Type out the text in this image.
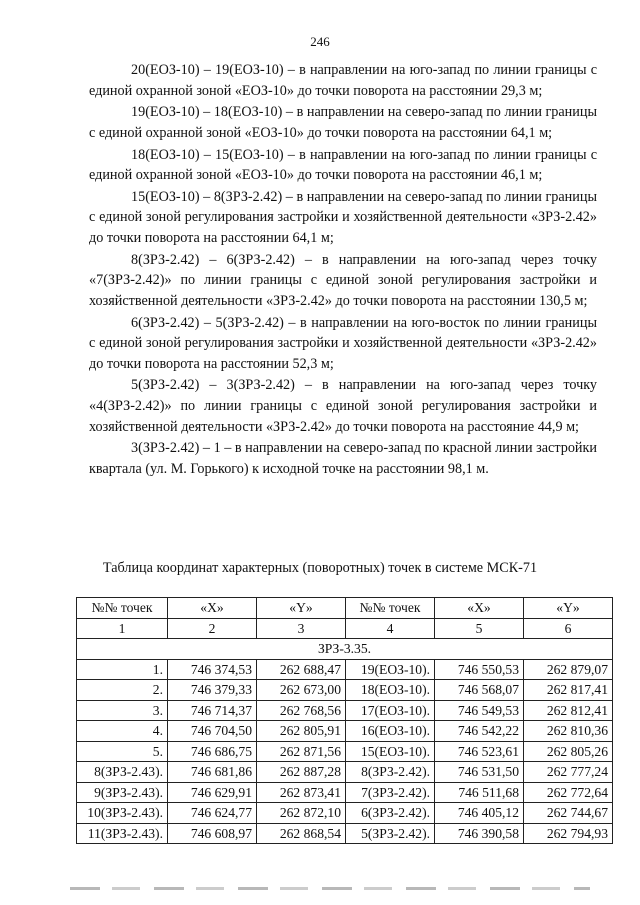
246

20(ЕОЗ-10) – 19(ЕОЗ-10) – в направлении на юго-запад по линии границы с единой охранной зоной «ЕОЗ-10» до точки поворота на расстоянии 29,3 м;

19(ЕОЗ-10) – 18(ЕОЗ-10) – в направлении на северо-запад по линии границы с единой охранной зоной «ЕОЗ-10» до точки поворота на расстоянии 64,1 м;

18(ЕОЗ-10) – 15(ЕОЗ-10) – в направлении на юго-запад по линии границы с единой охранной зоной «ЕОЗ-10» до точки поворота на расстоянии 46,1 м;

15(ЕОЗ-10) – 8(ЗРЗ-2.42) – в направлении на северо-запад по линии границы с единой зоной регулирования застройки и хозяйственной деятельности «ЗРЗ-2.42» до точки поворота на расстоянии 64,1 м;

8(ЗРЗ-2.42) – 6(ЗРЗ-2.42) – в направлении на юго-запад через точку «7(ЗРЗ-2.42)» по линии границы с единой зоной регулирования застройки и хозяйственной деятельности «ЗРЗ-2.42» до точки поворота на расстоянии 130,5 м;

6(ЗРЗ-2.42) – 5(ЗРЗ-2.42) – в направлении на юго-восток по линии границы с единой зоной регулирования застройки и хозяйственной деятельности «ЗРЗ-2.42» до точки поворота на расстоянии 52,3 м;

5(ЗРЗ-2.42) – 3(ЗРЗ-2.42) – в направлении на юго-запад через точку «4(ЗРЗ-2.42)» по линии границы с единой зоной регулирования застройки и хозяйственной деятельности «ЗРЗ-2.42» до точки поворота на расстояние 44,9 м;

3(ЗРЗ-2.42) – 1 – в направлении на северо-запад по красной линии застройки квартала (ул. М. Горького) к исходной точке на расстоянии 98,1 м.

Таблица координат характерных (поворотных) точек в системе МСК-71
№№ точек	«X»	«Y»	№№ точек	«X»	«Y»
1	2	3	4	5	6
ЗРЗ-3.35.					
1.	746 374,53	262 688,47	19(ЕОЗ-10).	746 550,53	262 879,07
2.	746 379,33	262 673,00	18(ЕОЗ-10).	746 568,07	262 817,41
3.	746 714,37	262 768,56	17(ЕОЗ-10).	746 549,53	262 812,41
4.	746 704,50	262 805,91	16(ЕОЗ-10).	746 542,22	262 810,36
5.	746 686,75	262 871,56	15(ЕОЗ-10).	746 523,61	262 805,26
8(ЗРЗ-2.43).	746 681,86	262 887,28	8(ЗРЗ-2.42).	746 531,50	262 777,24
9(ЗРЗ-2.43).	746 629,91	262 873,41	7(ЗРЗ-2.42).	746 511,68	262 772,64
10(ЗРЗ-2.43).	746 624,77	262 872,10	6(ЗРЗ-2.42).	746 405,12	262 744,67
11(ЗРЗ-2.43).	746 608,97	262 868,54	5(ЗРЗ-2.42).	746 390,58	262 794,93
